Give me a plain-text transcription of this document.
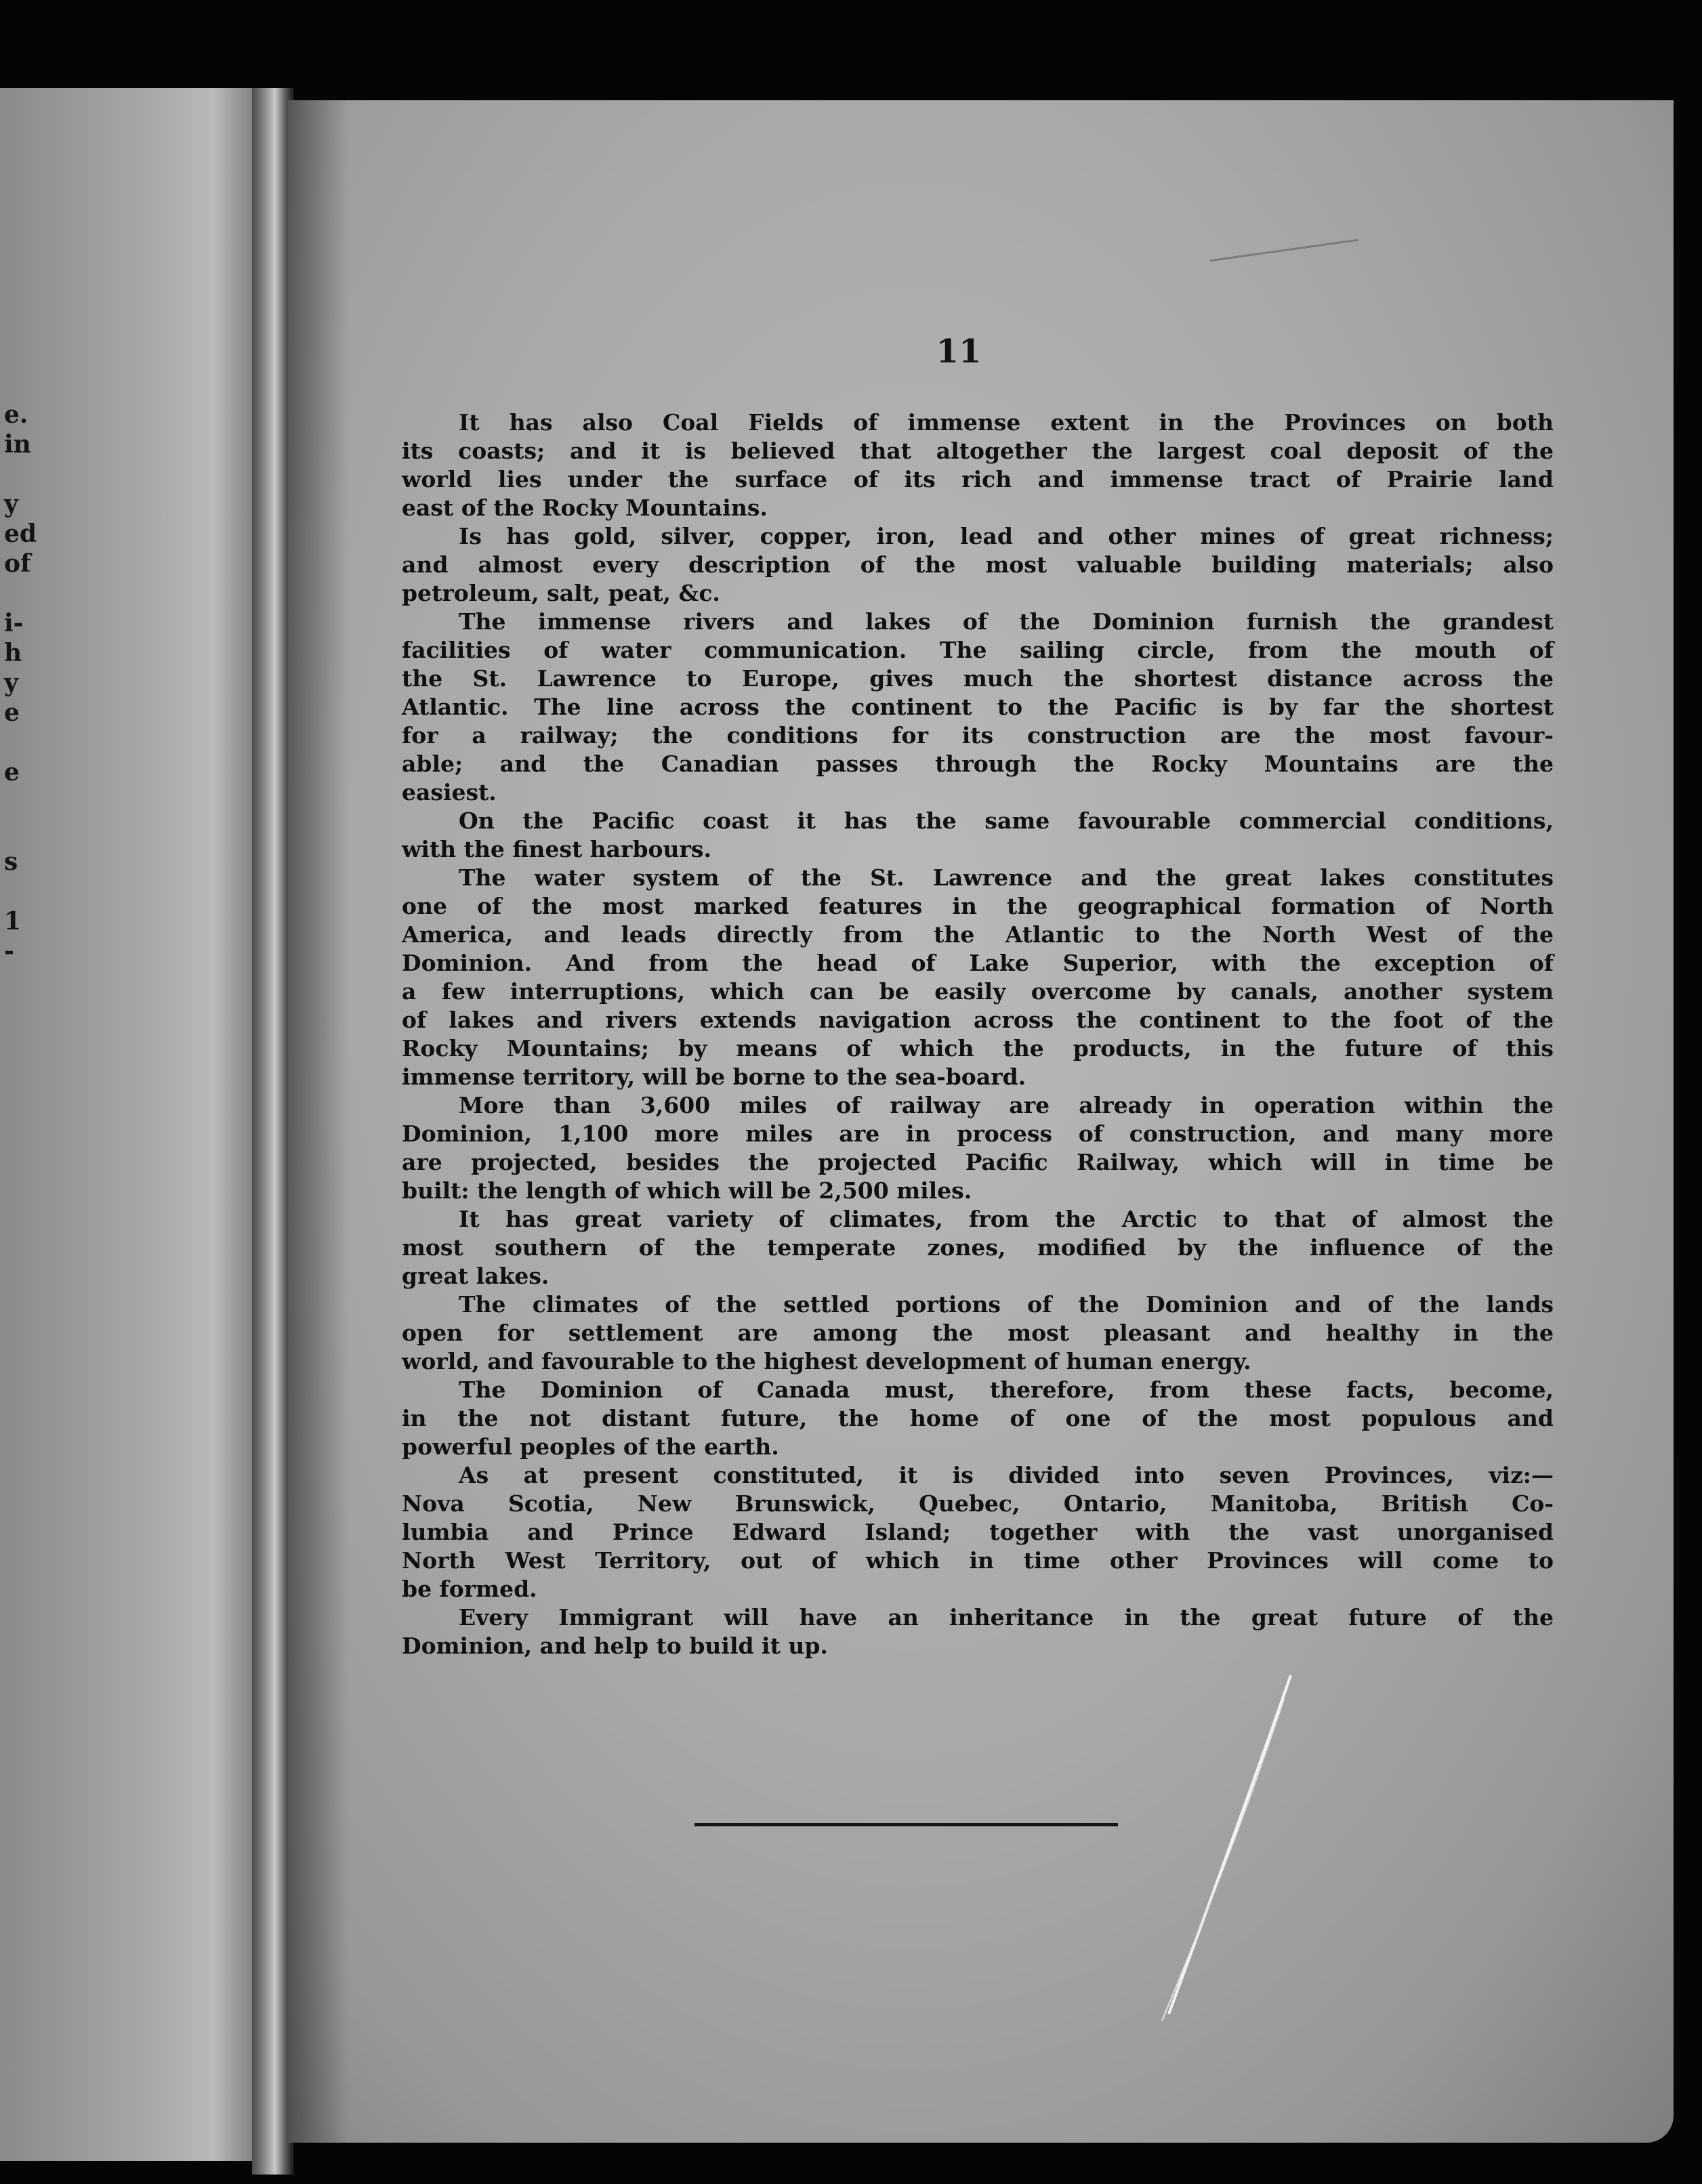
e.
in
y
ed
of
i-
h
y
e
e
s
1
-
11
It has also Coal Fields of immense extent in the Provinces on both
its coasts; and it is believed that altogether the largest coal deposit of the
world lies under the surface of its rich and immense tract of Prairie land
east of the Rocky Mountains.
Is has gold, silver, copper, iron, lead and other mines of great richness;
and almost every description of the most valuable building materials; also
petroleum, salt, peat, &c.
The immense rivers and lakes of the Dominion furnish the grandest
facilities of water communication. The sailing circle, from the mouth of
the St. Lawrence to Europe, gives much the shortest distance across the
Atlantic. The line across the continent to the Pacific is by far the shortest
for a railway; the conditions for its construction are the most favour-
able; and the Canadian passes through the Rocky Mountains are the
easiest.
On the Pacific coast it has the same favourable commercial conditions,
with the finest harbours.
The water system of the St. Lawrence and the great lakes constitutes
one of the most marked features in the geographical formation of North
America, and leads directly from the Atlantic to the North West of the
Dominion. And from the head of Lake Superior, with the exception of
a few interruptions, which can be easily overcome by canals, another system
of lakes and rivers extends navigation across the continent to the foot of the
Rocky Mountains; by means of which the products, in the future of this
immense territory, will be borne to the sea-board.
More than 3,600 miles of railway are already in operation within the
Dominion, 1,100 more miles are in process of construction, and many more
are projected, besides the projected Pacific Railway, which will in time be
built: the length of which will be 2,500 miles.
It has great variety of climates, from the Arctic to that of almost the
most southern of the temperate zones, modified by the influence of the
great lakes.
The climates of the settled portions of the Dominion and of the lands
open for settlement are among the most pleasant and healthy in the
world, and favourable to the highest development of human energy.
The Dominion of Canada must, therefore, from these facts, become,
in the not distant future, the home of one of the most populous and
powerful peoples of the earth.
As at present constituted, it is divided into seven Provinces, viz:—
Nova Scotia, New Brunswick, Quebec, Ontario, Manitoba, British Co-
lumbia and Prince Edward Island; together with the vast unorganised
North West Territory, out of which in time other Provinces will come to
be formed.
Every Immigrant will have an inheritance in the great future of the
Dominion, and help to build it up.
